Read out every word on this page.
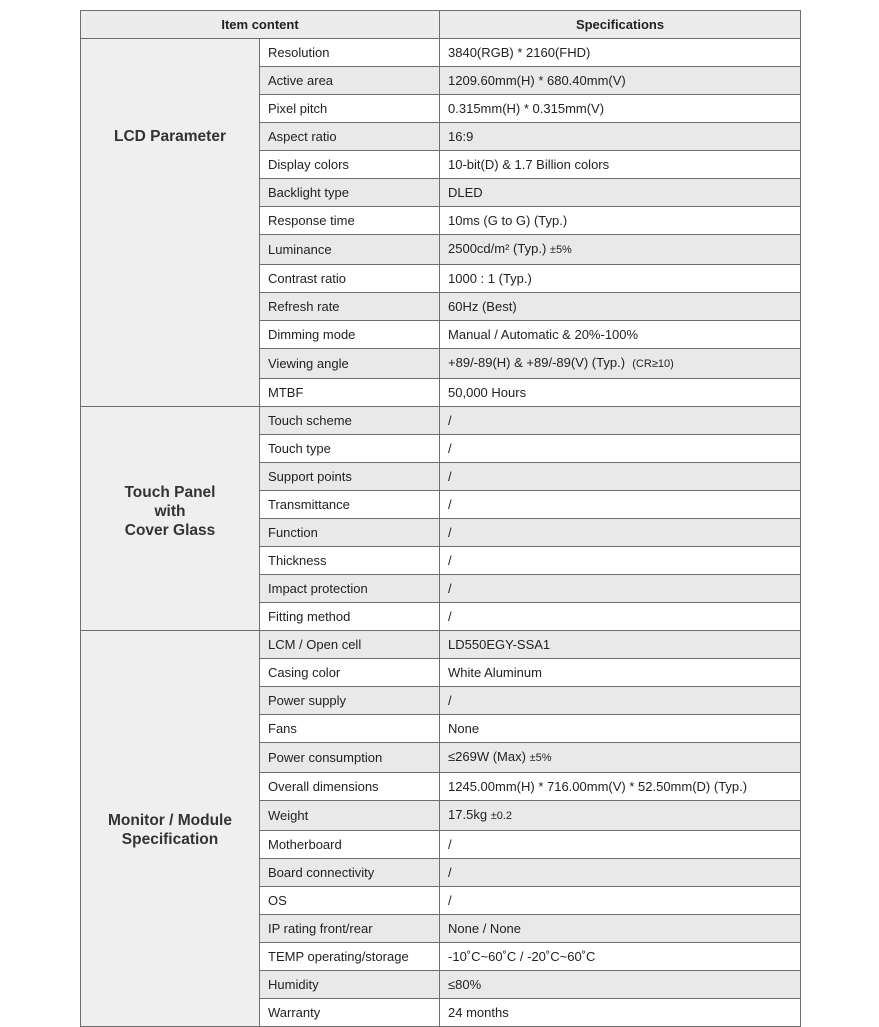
Item content		Specifications

LCD Parameter	Resolution	3840(RGB) * 2160(FHD)
	Active area	1209.60mm(H) * 680.40mm(V)
	Pixel pitch	0.315mm(H) * 0.315mm(V)
	Aspect ratio	16:9
	Display colors	10-bit(D) & 1.7 Billion colors
	Backlight type	DLED
	Response time	10ms (G to G) (Typ.)
	Luminance	2500cd/m² (Typ.) ±5%
	Contrast ratio	1000 : 1 (Typ.)
	Refresh rate	60Hz (Best)
	Dimming mode	Manual / Automatic & 20%-100%
	Viewing angle	+89/-89(H) & +89/-89(V) (Typ.) (CR≥10)
	MTBF	50,000 Hours

Touch Panel
with
Cover Glass	Touch scheme	/
	Touch type	/
	Support points	/
	Transmittance	/
	Function	/
	Thickness	/
	Impact protection	/
	Fitting method	/

Monitor / Module
Specification	LCM / Open cell	LD550EGY-SSA1
	Casing color	White Aluminum
	Power supply	/
	Fans	None
	Power consumption	≤269W (Max) ±5%
	Overall dimensions	1245.00mm(H) * 716.00mm(V) * 52.50mm(D) (Typ.)
	Weight	17.5kg ±0.2
	Motherboard	/
	Board connectivity	/
	OS	/
	IP rating front/rear	None / None
	TEMP operating/storage	-10˚C~60˚C / -20˚C~60˚C
	Humidity	≤80%
	Warranty	24 months
